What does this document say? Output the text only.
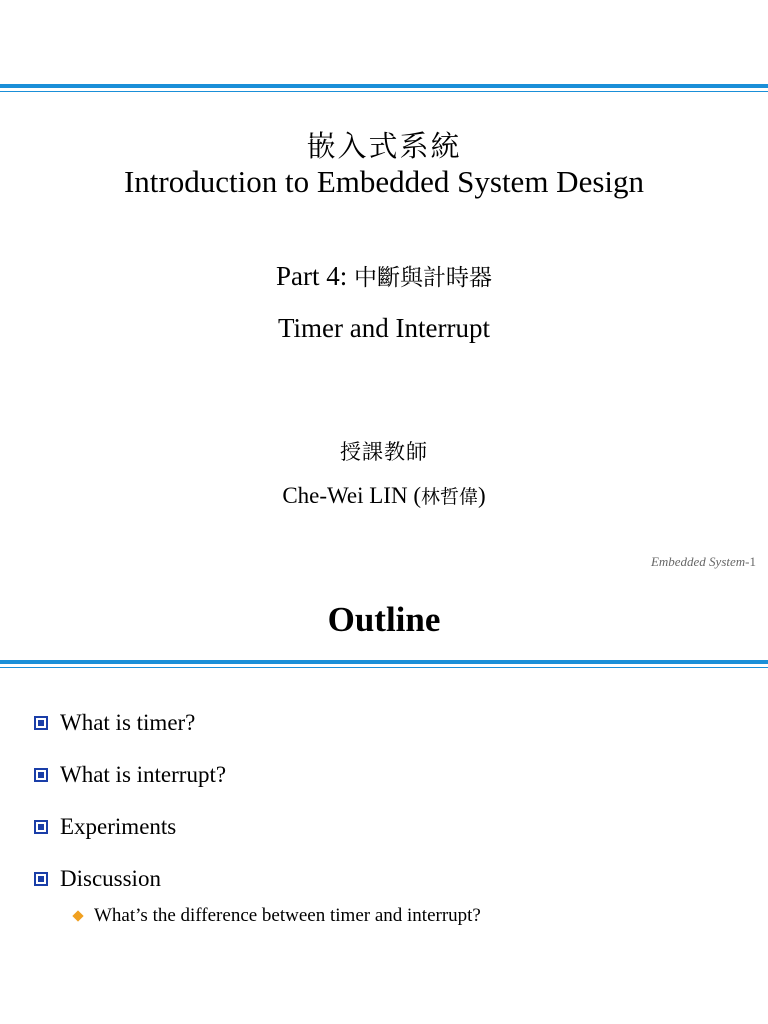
嵌入式系統
Introduction to Embedded System Design
Part 4: 中斷與計時器
Timer and Interrupt
授課教師
Che-Wei LIN (林哲偉)
Embedded System-1
Outline
What is timer?
What is interrupt?
Experiments
Discussion
What’s the difference between timer and interrupt?
